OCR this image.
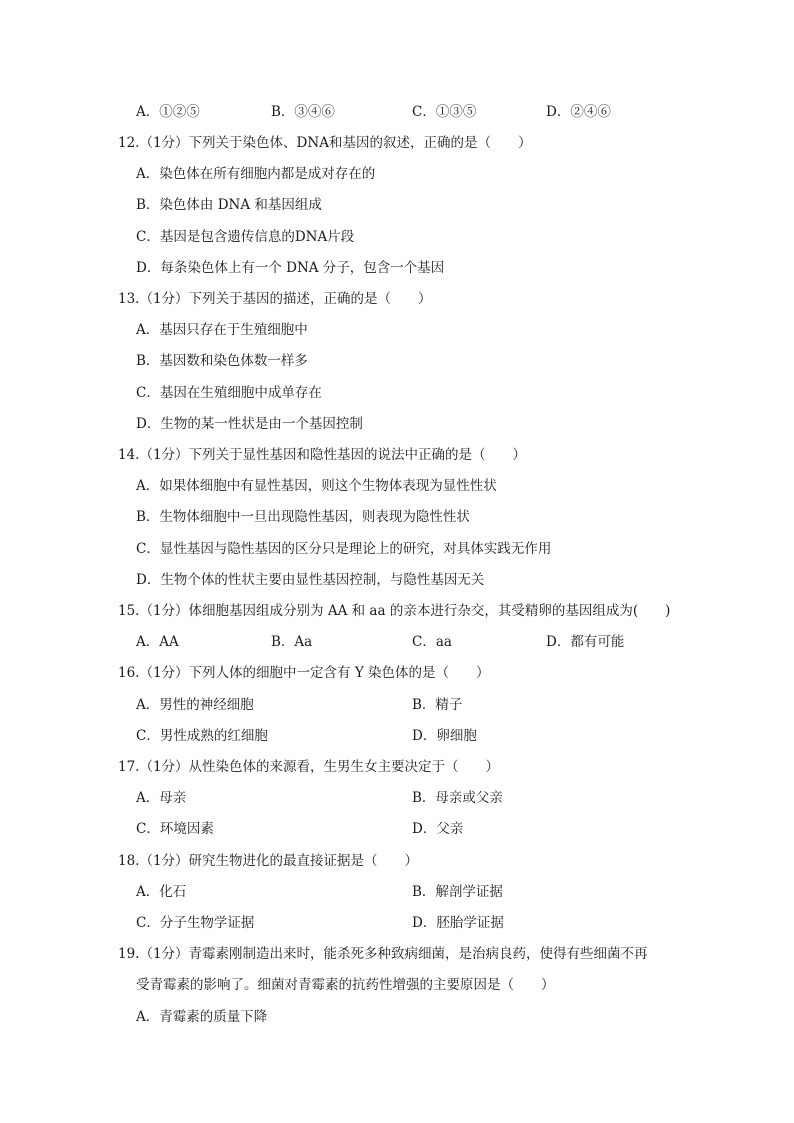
A．①②⑤	B．③④⑥	C．①③⑤	D．②④⑥
12.（1分）下列关于染色体、DNA和基因的叙述，正确的是（　　）
A．染色体在所有细胞内都是成对存在的
B．染色体由 DNA 和基因组成
C．基因是包含遗传信息的DNA片段
D．每条染色体上有一个 DNA 分子，包含一个基因
13.（1分）下列关于基因的描述，正确的是（　　）
A．基因只存在于生殖细胞中
B．基因数和染色体数一样多
C．基因在生殖细胞中成单存在
D．生物的某一性状是由一个基因控制
14.（1分）下列关于显性基因和隐性基因的说法中正确的是（　　）
A．如果体细胞中有显性基因，则这个生物体表现为显性性状
B．生物体细胞中一旦出现隐性基因，则表现为隐性性状
C．显性基因与隐性基因的区分只是理论上的研究，对具体实践无作用
D．生物个体的性状主要由显性基因控制，与隐性基因无关
15.（1分）体细胞基因组成分别为 AA 和 aa 的亲本进行杂交，其受精卵的基因组成为(　　)
A．AA	B．Aa	C．aa	D．都有可能
16.（1分）下列人体的细胞中一定含有 Y 染色体的是（　　）
A．男性的神经细胞	B．精子
C．男性成熟的红细胞	D．卵细胞
17.（1分）从性染色体的来源看，生男生女主要决定于（　　）
A．母亲	B．母亲或父亲
C．环境因素	D．父亲
18.（1分）研究生物进化的最直接证据是（　　）
A．化石	B．解剖学证据
C．分子生物学证据	D．胚胎学证据
19.（1分）青霉素刚制造出来时，能杀死多种致病细菌，是治病良药，使得有些细菌不再
受青霉素的影响了。细菌对青霉素的抗药性增强的主要原因是（　　）
A．青霉素的质量下降
